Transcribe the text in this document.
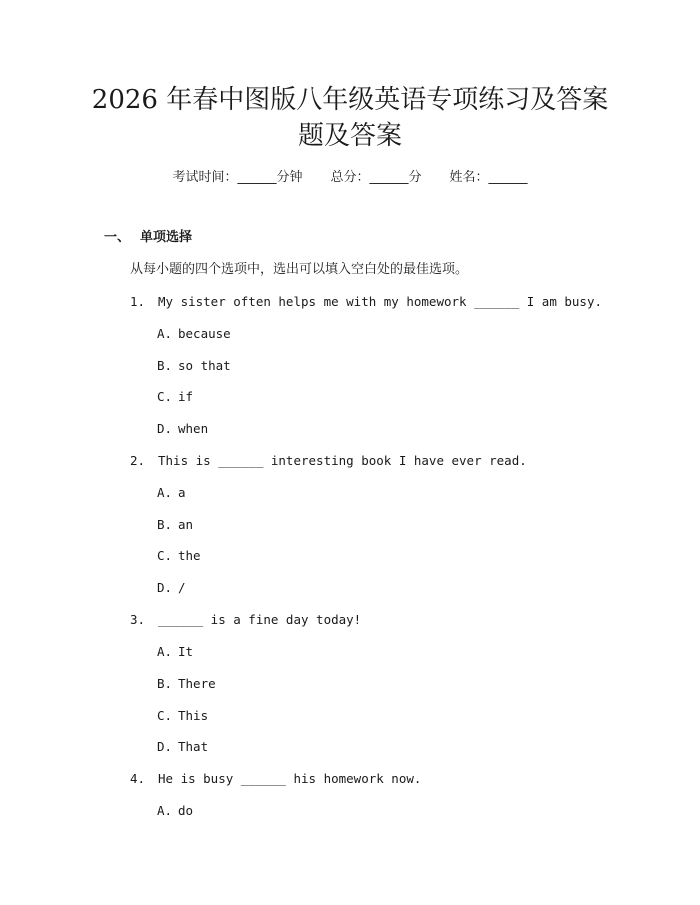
2026 年春中图版八年级英语专项练习及答案
题及答案
考试时间：______分钟 总分：______分 姓名：______
一、 单项选择
从每小题的四个选项中，选出可以填入空白处的最佳选项。
1. My sister often helps me with my homework ______ I am busy.
A. because
B. so that
C. if
D. when
2. This is ______ interesting book I have ever read.
A. a
B. an
C. the
D. /
3. ______ is a fine day today!
A. It
B. There
C. This
D. That
4. He is busy ______ his homework now.
A. do
